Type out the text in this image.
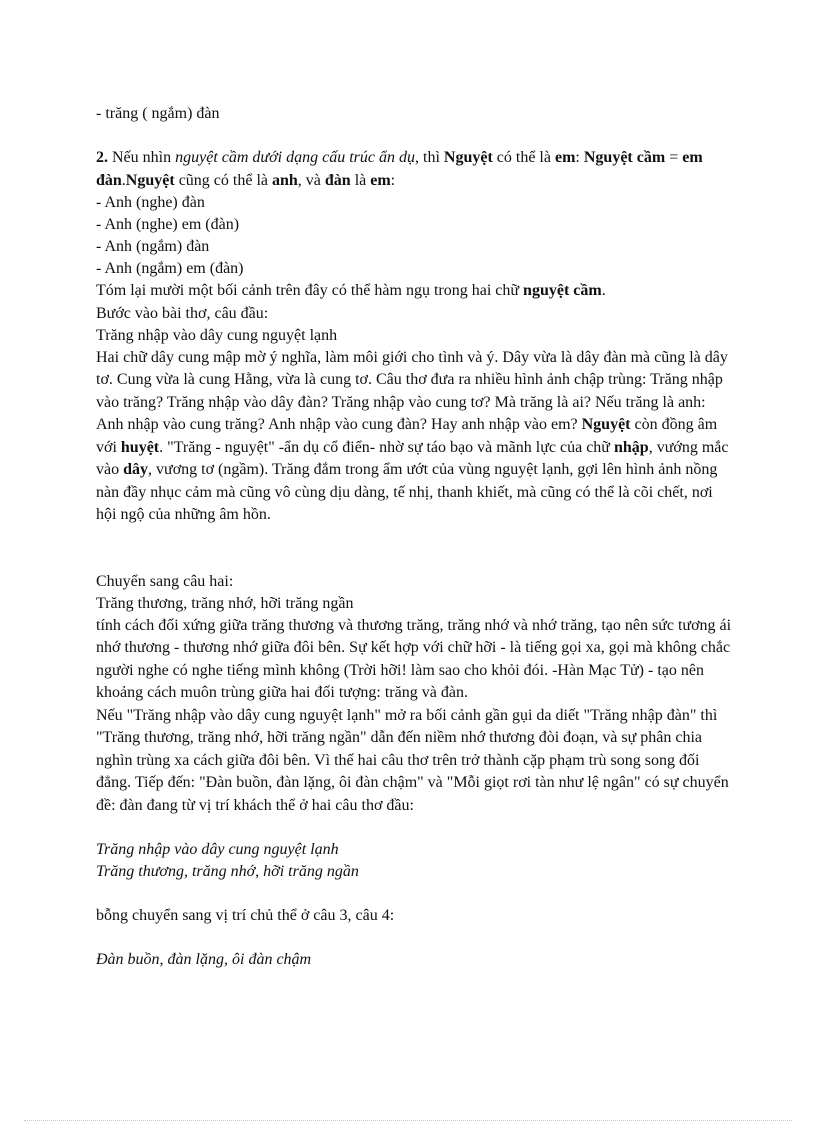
- trăng ( ngắm) đàn
2. Nếu nhìn nguyệt cầm dưới dạng cấu trúc ẩn dụ, thì Nguyệt có thể là em: Nguyệt cầm = em đàn.Nguyệt cũng có thể là anh, và đàn là em:
- Anh (nghe) đàn
- Anh (nghe) em (đàn)
- Anh (ngắm) đàn
- Anh (ngắm) em (đàn)
Tóm lại mười một bối cảnh trên đây có thể hàm ngụ trong hai chữ nguyệt cầm.
Bước vào bài thơ, câu đầu:
Trăng nhập vào dây cung nguyệt lạnh
Hai chữ dây cung mập mờ ý nghĩa, làm môi giới cho tình và ý. Dây vừa là dây đàn mà cũng là dây tơ. Cung vừa là cung Hằng, vừa là cung tơ. Câu thơ đưa ra nhiều hình ảnh chập trùng: Trăng nhập vào trăng? Trăng nhập vào dây đàn? Trăng nhập vào cung tơ? Mà trăng là ai? Nếu trăng là anh: Anh nhập vào cung trăng? Anh nhập vào cung đàn? Hay anh nhập vào em? Nguyệt còn đồng âm với huyệt. "Trăng - nguyệt" -ẩn dụ cổ điển- nhờ sự táo bạo và mãnh lực của chữ nhập, vướng mắc vào dây, vương tơ (ngầm). Trăng đắm trong ẩm ướt của vùng nguyệt lạnh, gợi lên hình ảnh nồng nàn đầy nhục cảm mà cũng vô cùng dịu dàng, tế nhị, thanh khiết, mà cũng có thể là cõi chết, nơi hội ngộ của những âm hồn.
Chuyển sang câu hai:
Trăng thương, trăng nhớ, hỡi trăng ngần
tính cách đối xứng giữa trăng thương và thương trăng, trăng nhớ và nhớ trăng, tạo nên sức tương ái nhớ thương - thương nhớ giữa đôi bên. Sự kết hợp với chữ hỡi - là tiếng gọi xa, gọi mà không chắc người nghe có nghe tiếng mình không (Trời hỡi! làm sao cho khỏi đói. -Hàn Mạc Tử) - tạo nên khoảng cách muôn trùng giữa hai đối tượng: trăng và đàn.
Nếu "Trăng nhập vào dây cung nguyệt lạnh" mở ra bối cảnh gần gụi da diết "Trăng nhập đàn" thì "Trăng thương, trăng nhớ, hỡi trăng ngần" dẫn đến niềm nhớ thương đòi đoạn, và sự phân chia nghìn trùng xa cách giữa đôi bên. Vì thế hai câu thơ trên trở thành cặp phạm trù song song đối đẳng. Tiếp đến: "Đàn buồn, đàn lặng, ôi đàn chậm" và "Mỗi giọt rơi tàn như lệ ngân" có sự chuyển đề: đàn đang từ vị trí khách thể ở hai câu thơ đầu:
Trăng nhập vào dây cung nguyệt lạnh
Trăng thương, trăng nhớ, hỡi trăng ngần
bỗng chuyển sang vị trí chủ thể ở câu 3, câu 4:
Đàn buồn, đàn lặng, ôi đàn chậm
